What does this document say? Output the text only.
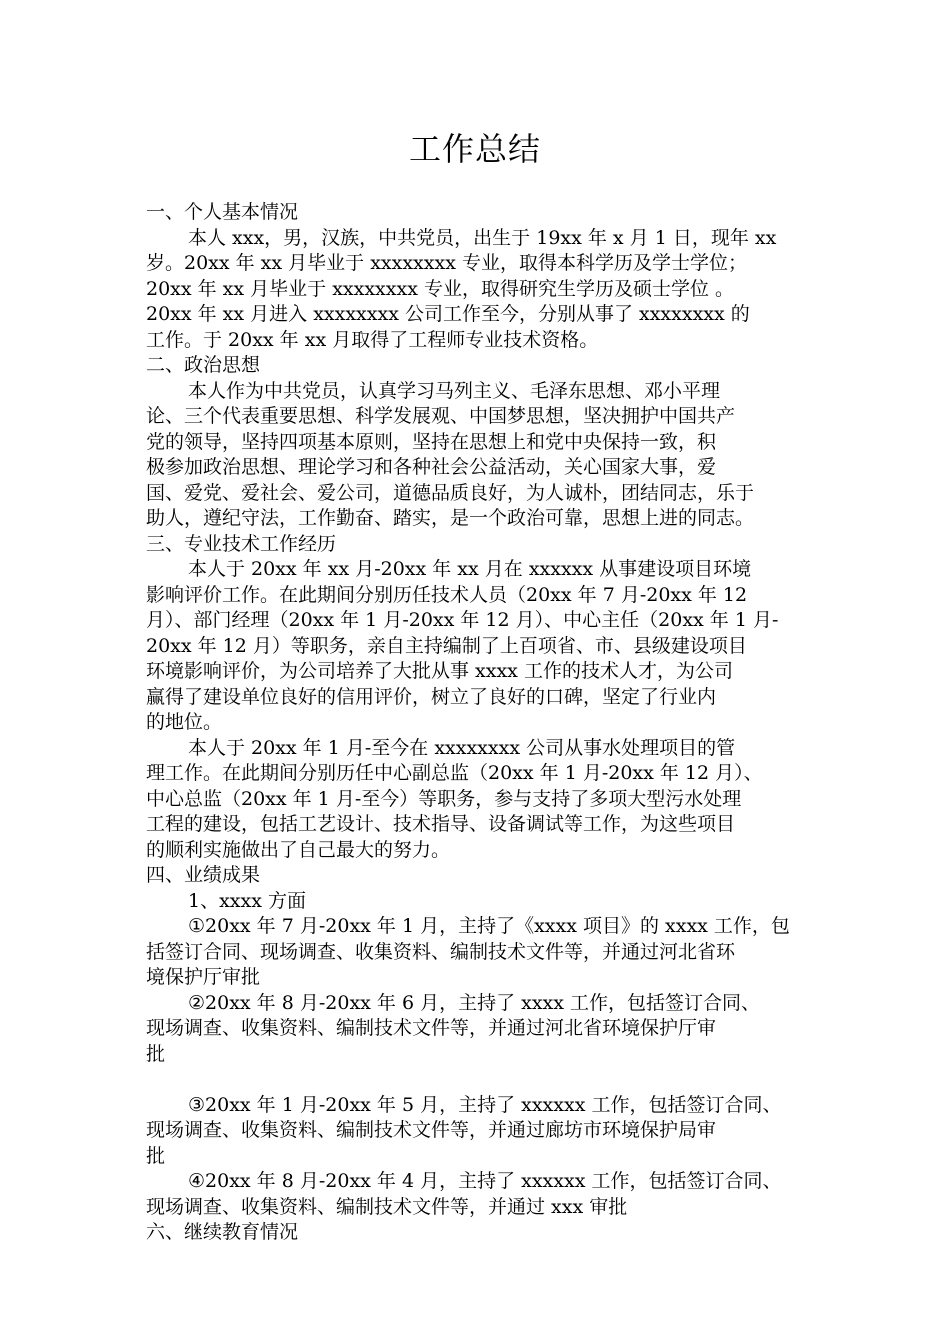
工作总结
一、个人基本情况
本人 xxx，男，汉族，中共党员，出生于 19xx 年 x 月 1 日，现年 xx
岁。20xx 年 xx 月毕业于 xxxxxxxx 专业，取得本科学历及学士学位；
20xx 年 xx 月毕业于 xxxxxxxx 专业，取得研究生学历及硕士学位 。
20xx 年 xx 月进入 xxxxxxxx 公司工作至今，分别从事了 xxxxxxxx 的
工作。于 20xx 年 xx 月取得了工程师专业技术资格。
二、政治思想
本人作为中共党员，认真学习马列主义、毛泽东思想、邓小平理
论、三个代表重要思想、科学发展观、中国梦思想，坚决拥护中国共产
党的领导，坚持四项基本原则，坚持在思想上和党中央保持一致，积
极参加政治思想、理论学习和各种社会公益活动，关心国家大事，爱
国、爱党、爱社会、爱公司，道德品质良好，为人诚朴，团结同志，乐于
助人，遵纪守法，工作勤奋、踏实，是一个政治可靠，思想上进的同志。
三、专业技术工作经历
本人于 20xx 年 xx 月-20xx 年 xx 月在 xxxxxx 从事建设项目环境
影响评价工作。在此期间分别历任技术人员（20xx 年 7 月-20xx 年 12
月）、部门经理（20xx 年 1 月-20xx 年 12 月）、中心主任（20xx 年 1 月-
20xx 年 12 月）等职务，亲自主持编制了上百项省、市、县级建设项目
环境影响评价，为公司培养了大批从事 xxxx 工作的技术人才，为公司
赢得了建设单位良好的信用评价，树立了良好的口碑，坚定了行业内
的地位。
本人于 20xx 年 1 月-至今在 xxxxxxxx 公司从事水处理项目的管
理工作。在此期间分别历任中心副总监（20xx 年 1 月-20xx 年 12 月）、
中心总监（20xx 年 1 月-至今）等职务，参与支持了多项大型污水处理
工程的建设，包括工艺设计、技术指导、设备调试等工作，为这些项目
的顺利实施做出了自己最大的努力。
四、业绩成果
1、xxxx 方面
①20xx 年 7 月-20xx 年 1 月，主持了《xxxx 项目》的 xxxx 工作，包
括签订合同、现场调查、收集资料、编制技术文件等，并通过河北省环
境保护厅审批
②20xx 年 8 月-20xx 年 6 月，主持了 xxxx 工作，包括签订合同、
现场调查、收集资料、编制技术文件等，并通过河北省环境保护厅审
批
③20xx 年 1 月-20xx 年 5 月，主持了 xxxxxx 工作，包括签订合同、
现场调查、收集资料、编制技术文件等，并通过廊坊市环境保护局审
批
④20xx 年 8 月-20xx 年 4 月，主持了 xxxxxx 工作，包括签订合同、
现场调查、收集资料、编制技术文件等，并通过 xxx 审批
六、继续教育情况
